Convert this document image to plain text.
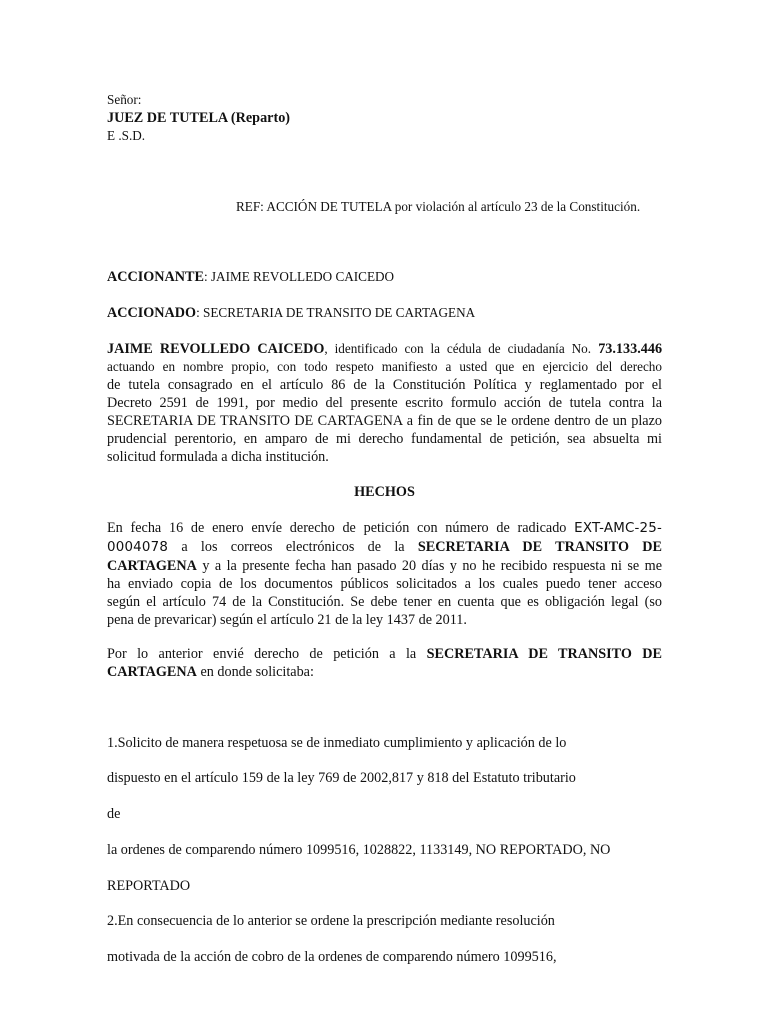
Señor:
JUEZ DE TUTELA (Reparto)
E .S.D.
REF: ACCIÓN DE TUTELA por violación al artículo 23 de la Constitución.
ACCIONANTE: JAIME REVOLLEDO CAICEDO
ACCIONADO: SECRETARIA DE TRANSITO DE CARTAGENA
JAIME REVOLLEDO CAICEDO, identificado con la cédula de ciudadanía No. 73.133.446
actuando en nombre propio, con todo respeto manifiesto a usted que en ejercicio del derecho
de tutela consagrado en el artículo 86 de la Constitución Política y reglamentado por el
Decreto 2591 de 1991, por medio del presente escrito formulo acción de tutela contra la
SECRETARIA DE TRANSITO DE CARTAGENA a fin de que se le ordene dentro de un plazo
prudencial perentorio, en amparo de mi derecho fundamental de petición, sea absuelta mi
solicitud formulada a dicha institución.
HECHOS
En fecha 16 de enero envíe derecho de petición con número de radicado EXT-AMC-25-
0004078 a los correos electrónicos de la SECRETARIA DE TRANSITO DE
CARTAGENA y a la presente fecha han pasado 20 días y no he recibido respuesta ni se me
ha enviado copia de los documentos públicos solicitados a los cuales puedo tener acceso
según el artículo 74 de la Constitución. Se debe tener en cuenta que es obligación legal (so
pena de prevaricar) según el artículo 21 de la ley 1437 de 2011.
Por lo anterior envié derecho de petición a la SECRETARIA DE TRANSITO DE
CARTAGENA en donde solicitaba:
1.Solicito de manera respetuosa se de inmediato cumplimiento y aplicación de lo
dispuesto en el artículo 159 de la ley 769 de 2002,817 y 818 del Estatuto tributario
de
la ordenes de comparendo número 1099516, 1028822, 1133149, NO REPORTADO, NO
REPORTADO
2.En consecuencia de lo anterior se ordene la prescripción mediante resolución
motivada de la acción de cobro de la ordenes de comparendo número 1099516,
